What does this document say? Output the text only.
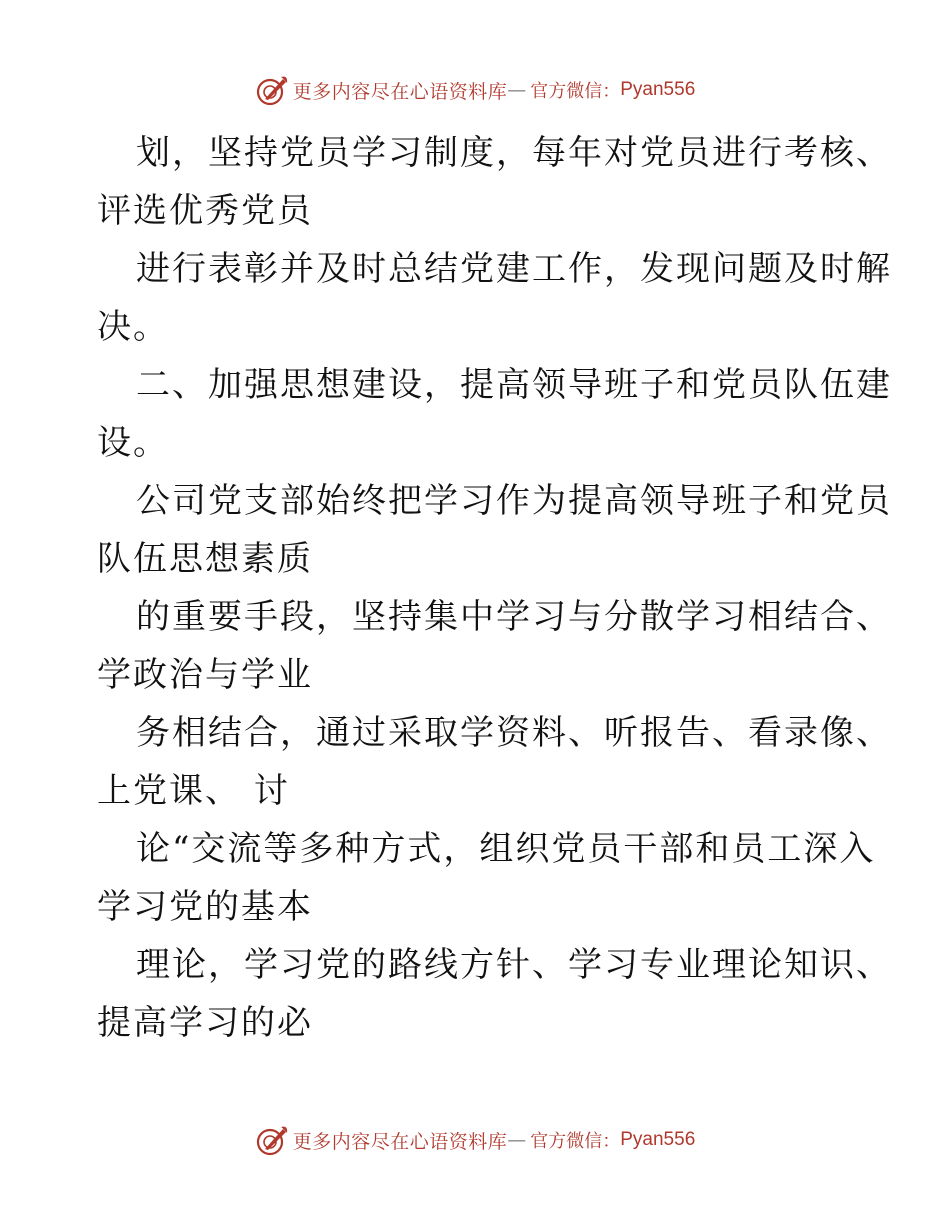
更多内容尽在心语资料库 — 官方微信： Pyan556
划，坚持党员学习制度，每年对党员进行考核、
评选优秀党员
进行表彰并及时总结党建工作，发现问题及时解
决。
二、加强思想建设，提高领导班子和党员队伍建
设。
公司党支部始终把学习作为提高领导班子和党员
队伍思想素质
的重要手段，坚持集中学习与分散学习相结合、
学政治与学业
务相结合，通过采取学资料、听报告、看录像、
上党课、 讨
论“交流等多种方式，组织党员干部和员工深入
学习党的基本
理论，学习党的路线方针、学习专业理论知识、
提高学习的必
更多内容尽在心语资料库 — 官方微信： Pyan556
